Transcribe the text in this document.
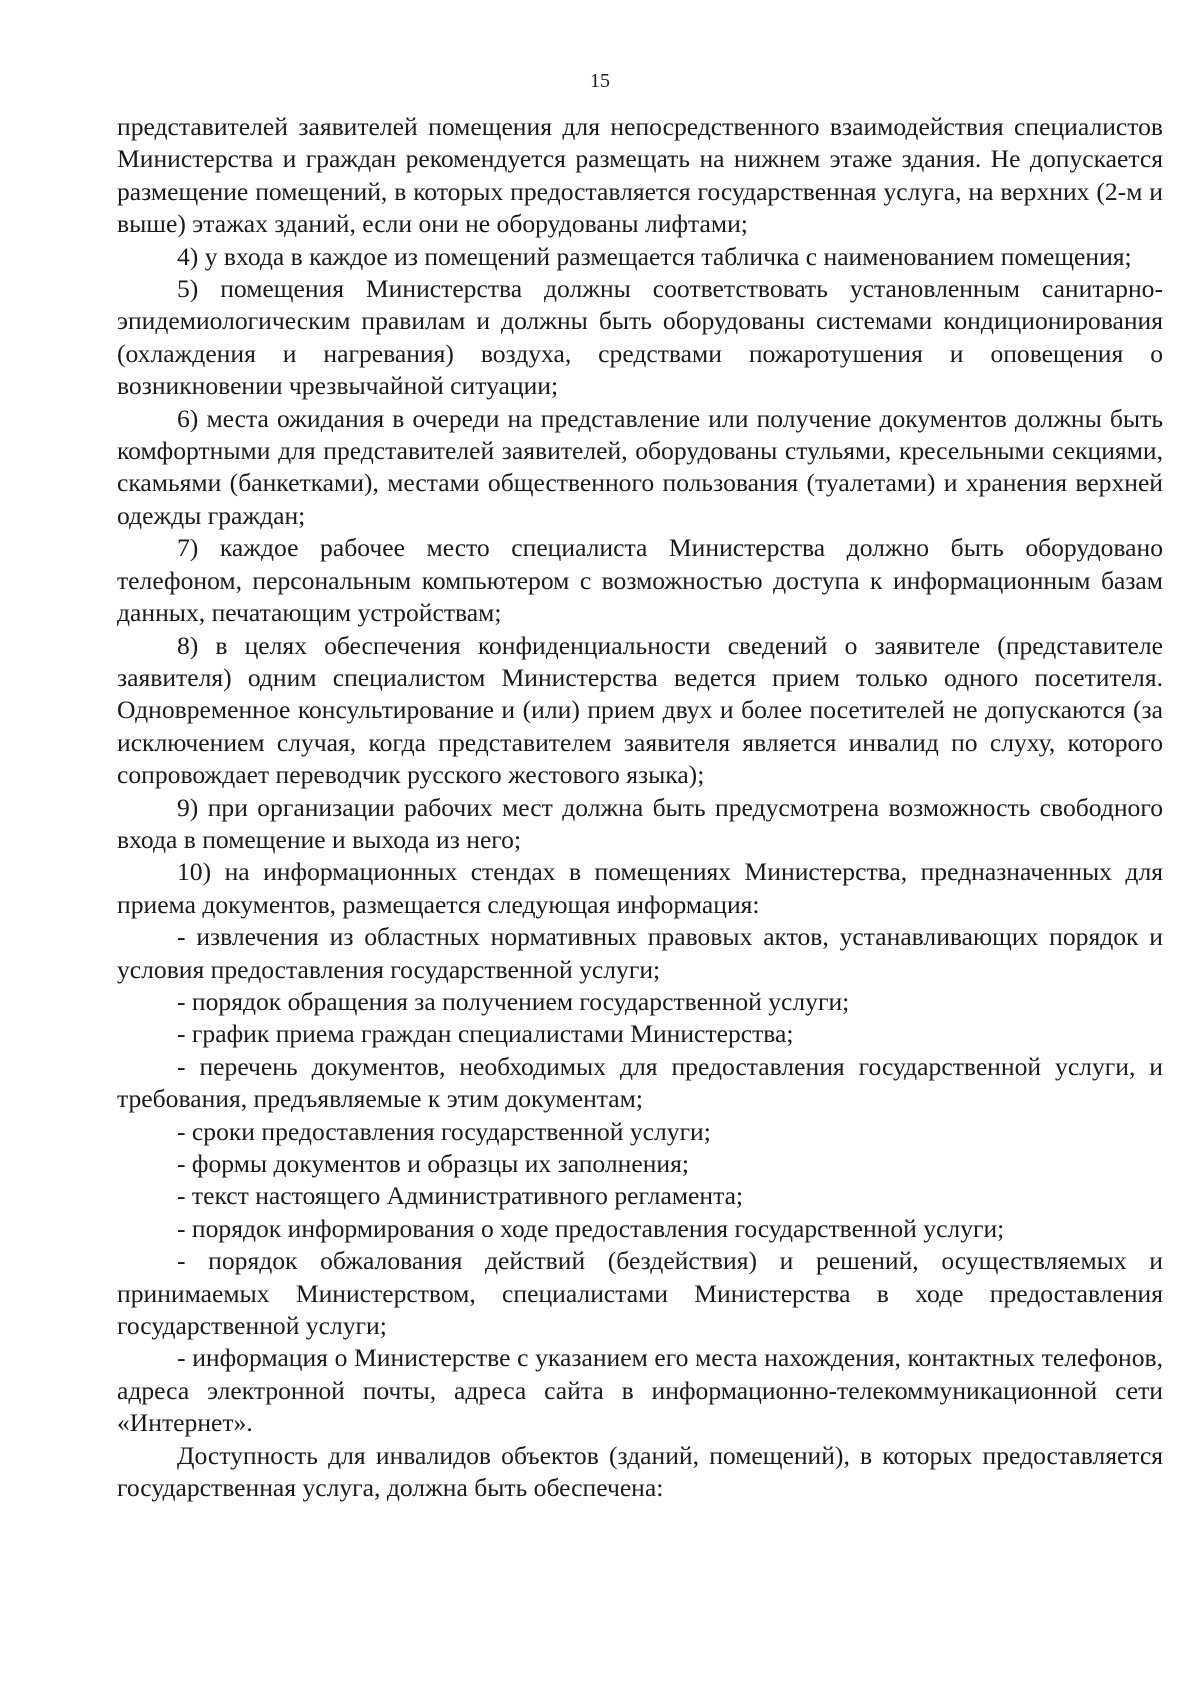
15

представителей заявителей помещения для непосредственного взаимодействия специалистов Министерства и граждан рекомендуется размещать на нижнем этаже здания. Не допускается размещение помещений, в которых предоставляется государственная услуга, на верхних (2-м и выше) этажах зданий, если они не оборудованы лифтами;

4) у входа в каждое из помещений размещается табличка с наименованием помещения;

5) помещения Министерства должны соответствовать установленным санитарно-эпидемиологическим правилам и должны быть оборудованы системами кондиционирования (охлаждения и нагревания) воздуха, средствами пожаротушения и оповещения о возникновении чрезвычайной ситуации;

6) места ожидания в очереди на представление или получение документов должны быть комфортными для представителей заявителей, оборудованы стульями, кресельными секциями, скамьями (банкетками), местами общественного пользования (туалетами) и хранения верхней одежды граждан;

7) каждое рабочее место специалиста Министерства должно быть оборудовано телефоном, персональным компьютером с возможностью доступа к информационным базам данных, печатающим устройствам;

8) в целях обеспечения конфиденциальности сведений о заявителе (представителе заявителя) одним специалистом Министерства ведется прием только одного посетителя. Одновременное консультирование и (или) прием двух и более посетителей не допускаются (за исключением случая, когда представителем заявителя является инвалид по слуху, которого сопровождает переводчик русского жестового языка);

9) при организации рабочих мест должна быть предусмотрена возможность свободного входа в помещение и выхода из него;

10) на информационных стендах в помещениях Министерства, предназначенных для приема документов, размещается следующая информация:

- извлечения из областных нормативных правовых актов, устанавливающих порядок и условия предоставления государственной услуги;

- порядок обращения за получением государственной услуги;

- график приема граждан специалистами Министерства;

- перечень документов, необходимых для предоставления государственной услуги, и требования, предъявляемые к этим документам;

- сроки предоставления государственной услуги;

- формы документов и образцы их заполнения;

- текст настоящего Административного регламента;

- порядок информирования о ходе предоставления государственной услуги;

- порядок обжалования действий (бездействия) и решений, осуществляемых и принимаемых Министерством, специалистами Министерства в ходе предоставления государственной услуги;

- информация о Министерстве с указанием его места нахождения, контактных телефонов, адреса электронной почты, адреса сайта в информационно-телекоммуникационной сети «Интернет».

Доступность для инвалидов объектов (зданий, помещений), в которых предоставляется государственная услуга, должна быть обеспечена:
